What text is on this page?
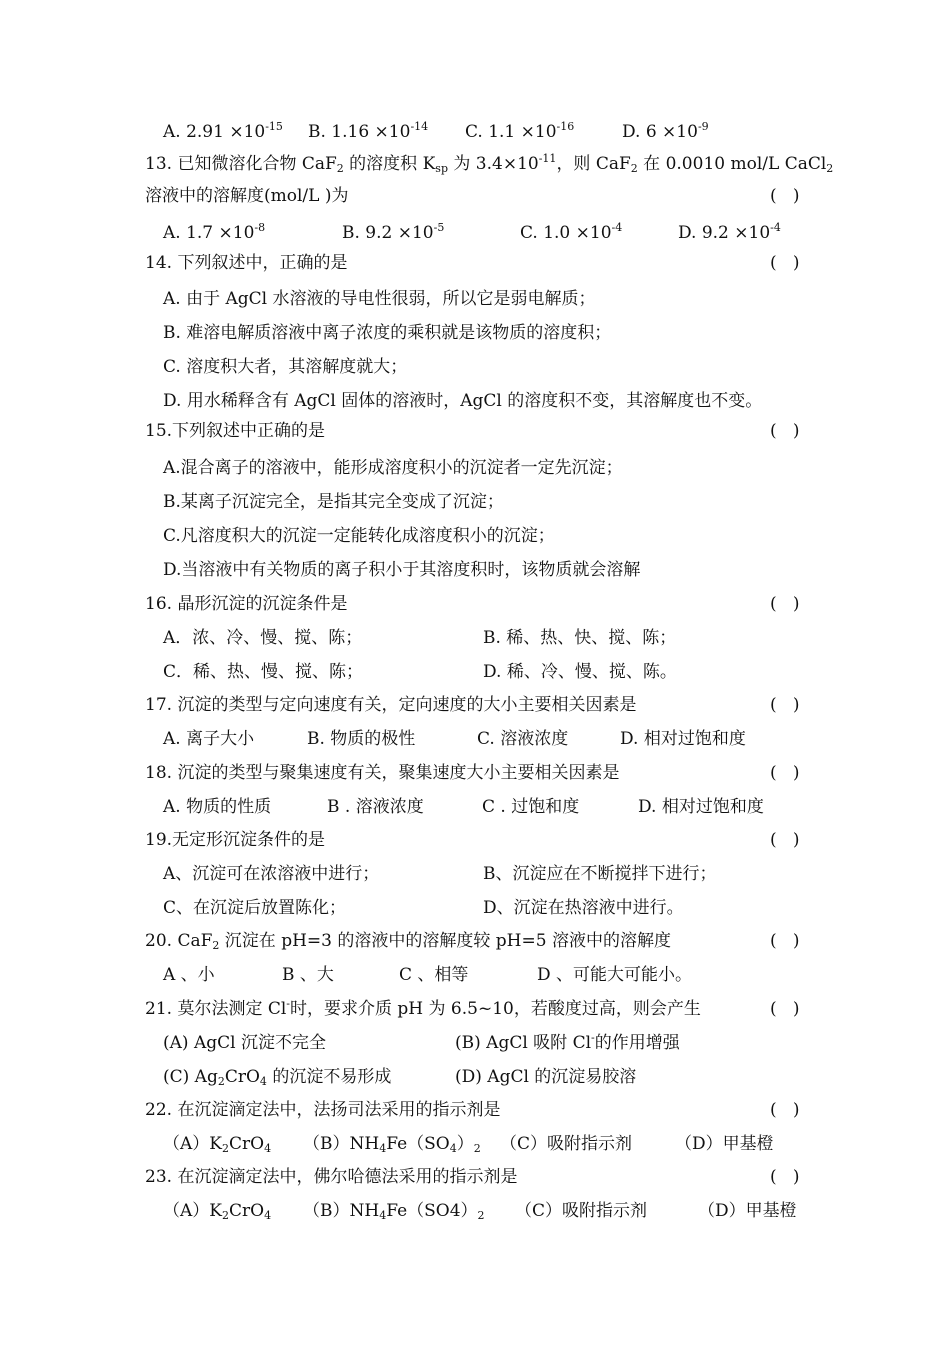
A. $2.91 \times 10^{-15}$ B. $1.16 \times 10^{-14}$ C. $1.1 \times 10^{-16}$	D. $6 \times 10^{-9}$
13. 已知微溶化合物 CaF$_2$ 的溶度积 $K_{sp}$ 为 $3.4\times 10^{-11}$，则 CaF$_2$ 在 0.0010 mol/L CaCl$_2$
溶液中的溶解度(mol/L )为	(   )
A. $1.7 \times 10^{-8}$	B. $9.2 \times 10^{-5}$	C. $1.0 \times 10^{-4}$	D. $9.2 \times 10^{-4}$
14. 下列叙述中，正确的是	(   )
A. 由于 AgCl 水溶液的导电性很弱，所以它是弱电解质；
B. 难溶电解质溶液中离子浓度的乘积就是该物质的溶度积；
C. 溶度积大者，其溶解度就大；
D. 用水稀释含有 AgCl 固体的溶液时，AgCl 的溶度积不变，其溶解度也不变。
15.下列叙述中正确的是	(   )
A.混合离子的溶液中，能形成溶度积小的沉淀者一定先沉淀；
B.某离子沉淀完全，是指其完全变成了沉淀；
C.凡溶度积大的沉淀一定能转化成溶度积小的沉淀；
D.当溶液中有关物质的离子积小于其溶度积时，该物质就会溶解
16. 晶形沉淀的沉淀条件是	(   )
A．浓、冷、慢、搅、陈；	B. 稀、热、快、搅、陈；
C．稀、热、慢、搅、陈；	D. 稀、冷、慢、搅、陈。
17. 沉淀的类型与定向速度有关，定向速度的大小主要相关因素是	(   )
A. 离子大小	B. 物质的极性	C. 溶液浓度	D. 相对过饱和度
18. 沉淀的类型与聚集速度有关，聚集速度大小主要相关因素是	(   )
A. 物质的性质	B . 溶液浓度	C . 过饱和度	D. 相对过饱和度
19.无定形沉淀条件的是	(   )
A、沉淀可在浓溶液中进行；	B、沉淀应在不断搅拌下进行；
C、在沉淀后放置陈化；	D、沉淀在热溶液中进行。
20. CaF$_2$ 沉淀在 pH=3 的溶液中的溶解度较 pH=5 溶液中的溶解度	(   )
A 、小	B 、大	C 、相等	D 、可能大可能小。
21. 莫尔法测定 Cl-时，要求介质 pH 为 6.5~10，若酸度过高，则会产生	(   )
(A) AgCl 沉淀不完全	(B) AgCl 吸附 Cl-的作用增强
(C) $Ag_2CrO_4$ 的沉淀不易形成	(D) AgCl 的沉淀易胶溶
22. 在沉淀滴定法中，法扬司法采用的指示剂是	(   )
$(A)K_2CrO_4$ $(B)NH_4Fe(SO_4)_2$ （C）吸附指示剂	（D）甲基橙
23. 在沉淀滴定法中，佛尔哈德法采用的指示剂是	(   )
$(A)K_2CrO_4$ $(B)NH_4Fe(SO4)_2$ （C）吸附指示剂	（D）甲基橙
